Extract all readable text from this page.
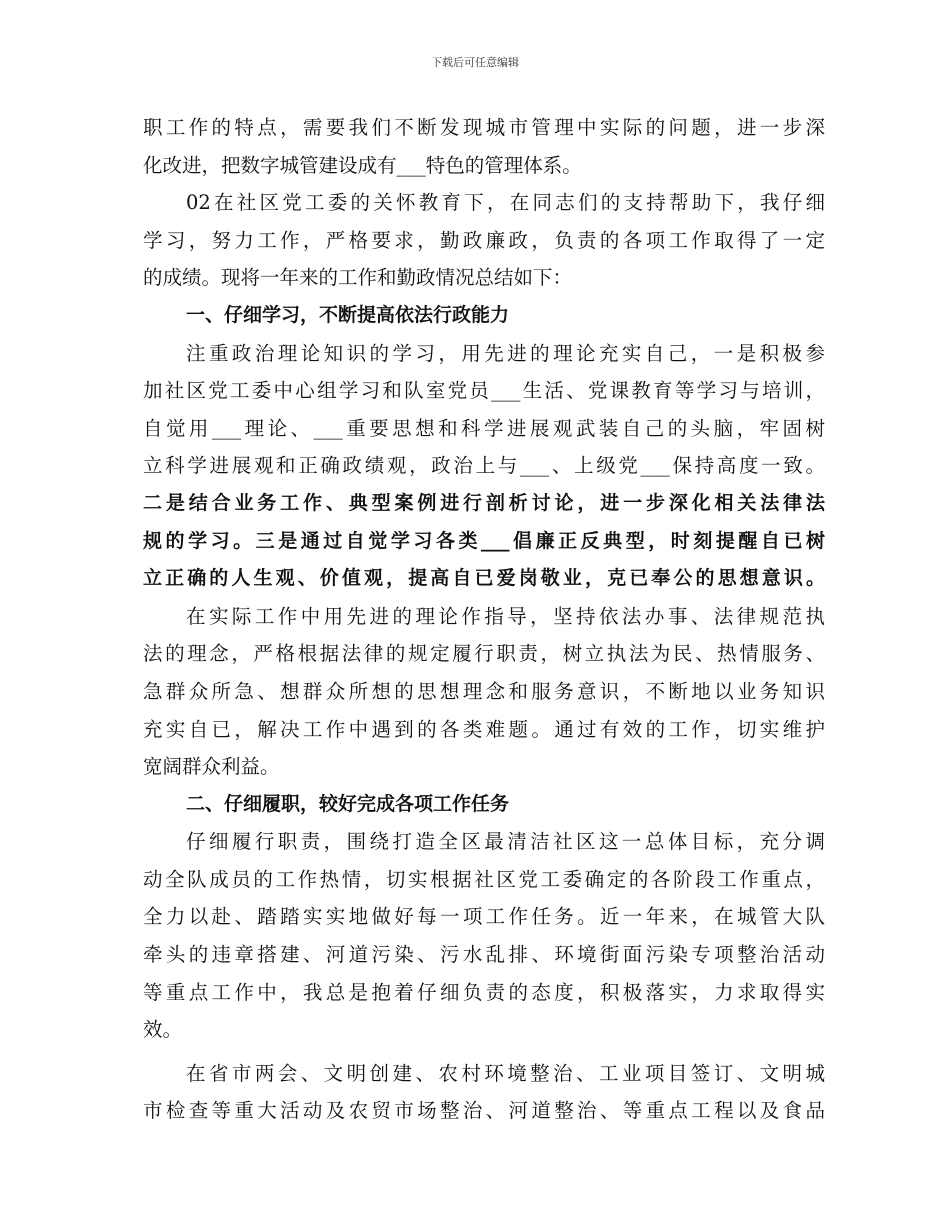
下载后可任意编辑
职工作的特点，需要我们不断发现城市管理中实际的问题，进一步深
化改进，把数字城管建设成有___特色的管理体系。
02在社区党工委的关怀教育下，在同志们的支持帮助下，我仔细
学习，努力工作，严格要求，勤政廉政，负责的各项工作取得了一定
的成绩。现将一年来的工作和勤政情况总结如下：
一、仔细学习，不断提高依法行政能力
注重政治理论知识的学习，用先进的理论充实自己，一是积极参
加社区党工委中心组学习和队室党员___生活、党课教育等学习与培训，
自觉用___理论、___重要思想和科学进展观武装自己的头脑，牢固树
立科学进展观和正确政绩观，政治上与___、上级党___保持高度一致。
二是结合业务工作、典型案例进行剖析讨论，进一步深化相关法律法
规的学习。三是通过自觉学习各类___倡廉正反典型，时刻提醒自已树
立正确的人生观、价值观，提高自已爱岗敬业，克已奉公的思想意识。
在实际工作中用先进的理论作指导，坚持依法办事、法律规范执
法的理念，严格根据法律的规定履行职责，树立执法为民、热情服务、
急群众所急、想群众所想的思想理念和服务意识，不断地以业务知识
充实自已，解决工作中遇到的各类难题。通过有效的工作，切实维护
宽阔群众利益。
二、仔细履职，较好完成各项工作任务
仔细履行职责，围绕打造全区最清洁社区这一总体目标，充分调
动全队成员的工作热情，切实根据社区党工委确定的各阶段工作重点，
全力以赴、踏踏实实地做好每一项工作任务。近一年来，在城管大队
牵头的违章搭建、河道污染、污水乱排、环境街面污染专项整治活动
等重点工作中，我总是抱着仔细负责的态度，积极落实，力求取得实
效。
在省市两会、文明创建、农村环境整治、工业项目签订、文明城
市检查等重大活动及农贸市场整治、河道整治、等重点工程以及食品
